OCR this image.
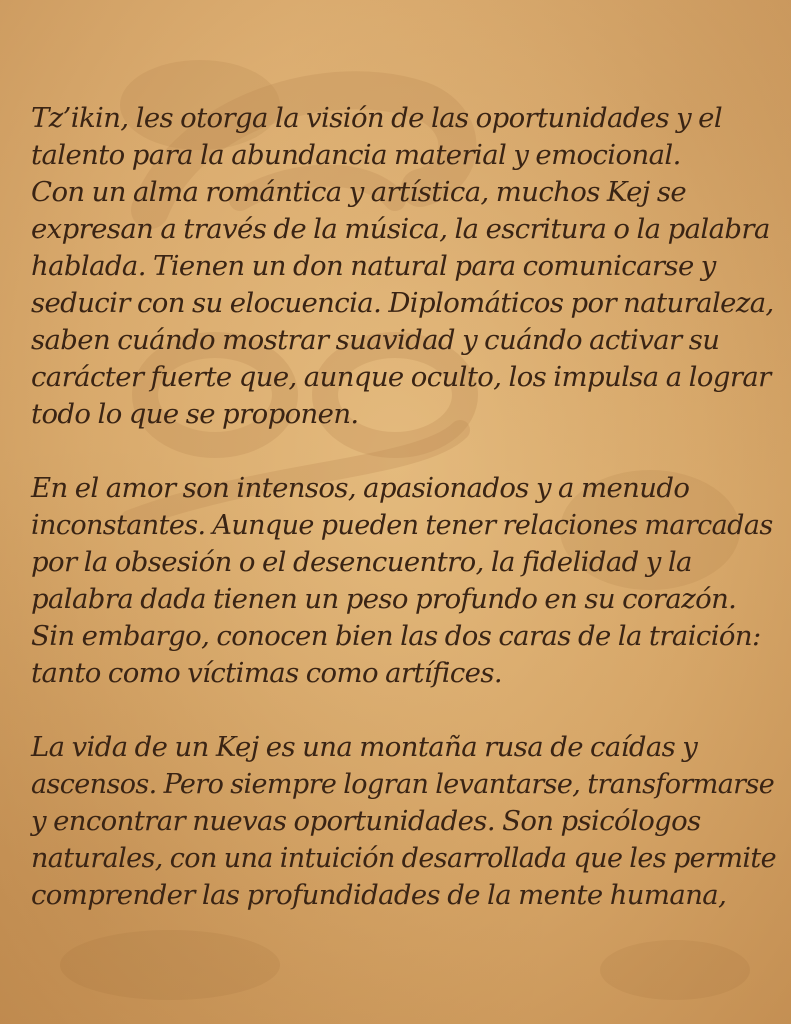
Tz’ikin, les otorga la visión de las oportunidades y el
talento para la abundancia material y emocional.
Con un alma romántica y artística, muchos Kej se
expresan a través de la música, la escritura o la palabra
hablada. Tienen un don natural para comunicarse y
seducir con su elocuencia. Diplomáticos por naturaleza,
saben cuándo mostrar suavidad y cuándo activar su
carácter fuerte que, aunque oculto, los impulsa a lograr
todo lo que se proponen.
En el amor son intensos, apasionados y a menudo
inconstantes. Aunque pueden tener relaciones marcadas
por la obsesión o el desencuentro, la fidelidad y la
palabra dada tienen un peso profundo en su corazón.
Sin embargo, conocen bien las dos caras de la traición:
tanto como víctimas como artífices.
La vida de un Kej es una montaña rusa de caídas y
ascensos. Pero siempre logran levantarse, transformarse
y encontrar nuevas oportunidades. Son psicólogos
naturales, con una intuición desarrollada que les permite
comprender las profundidades de la mente humana,
